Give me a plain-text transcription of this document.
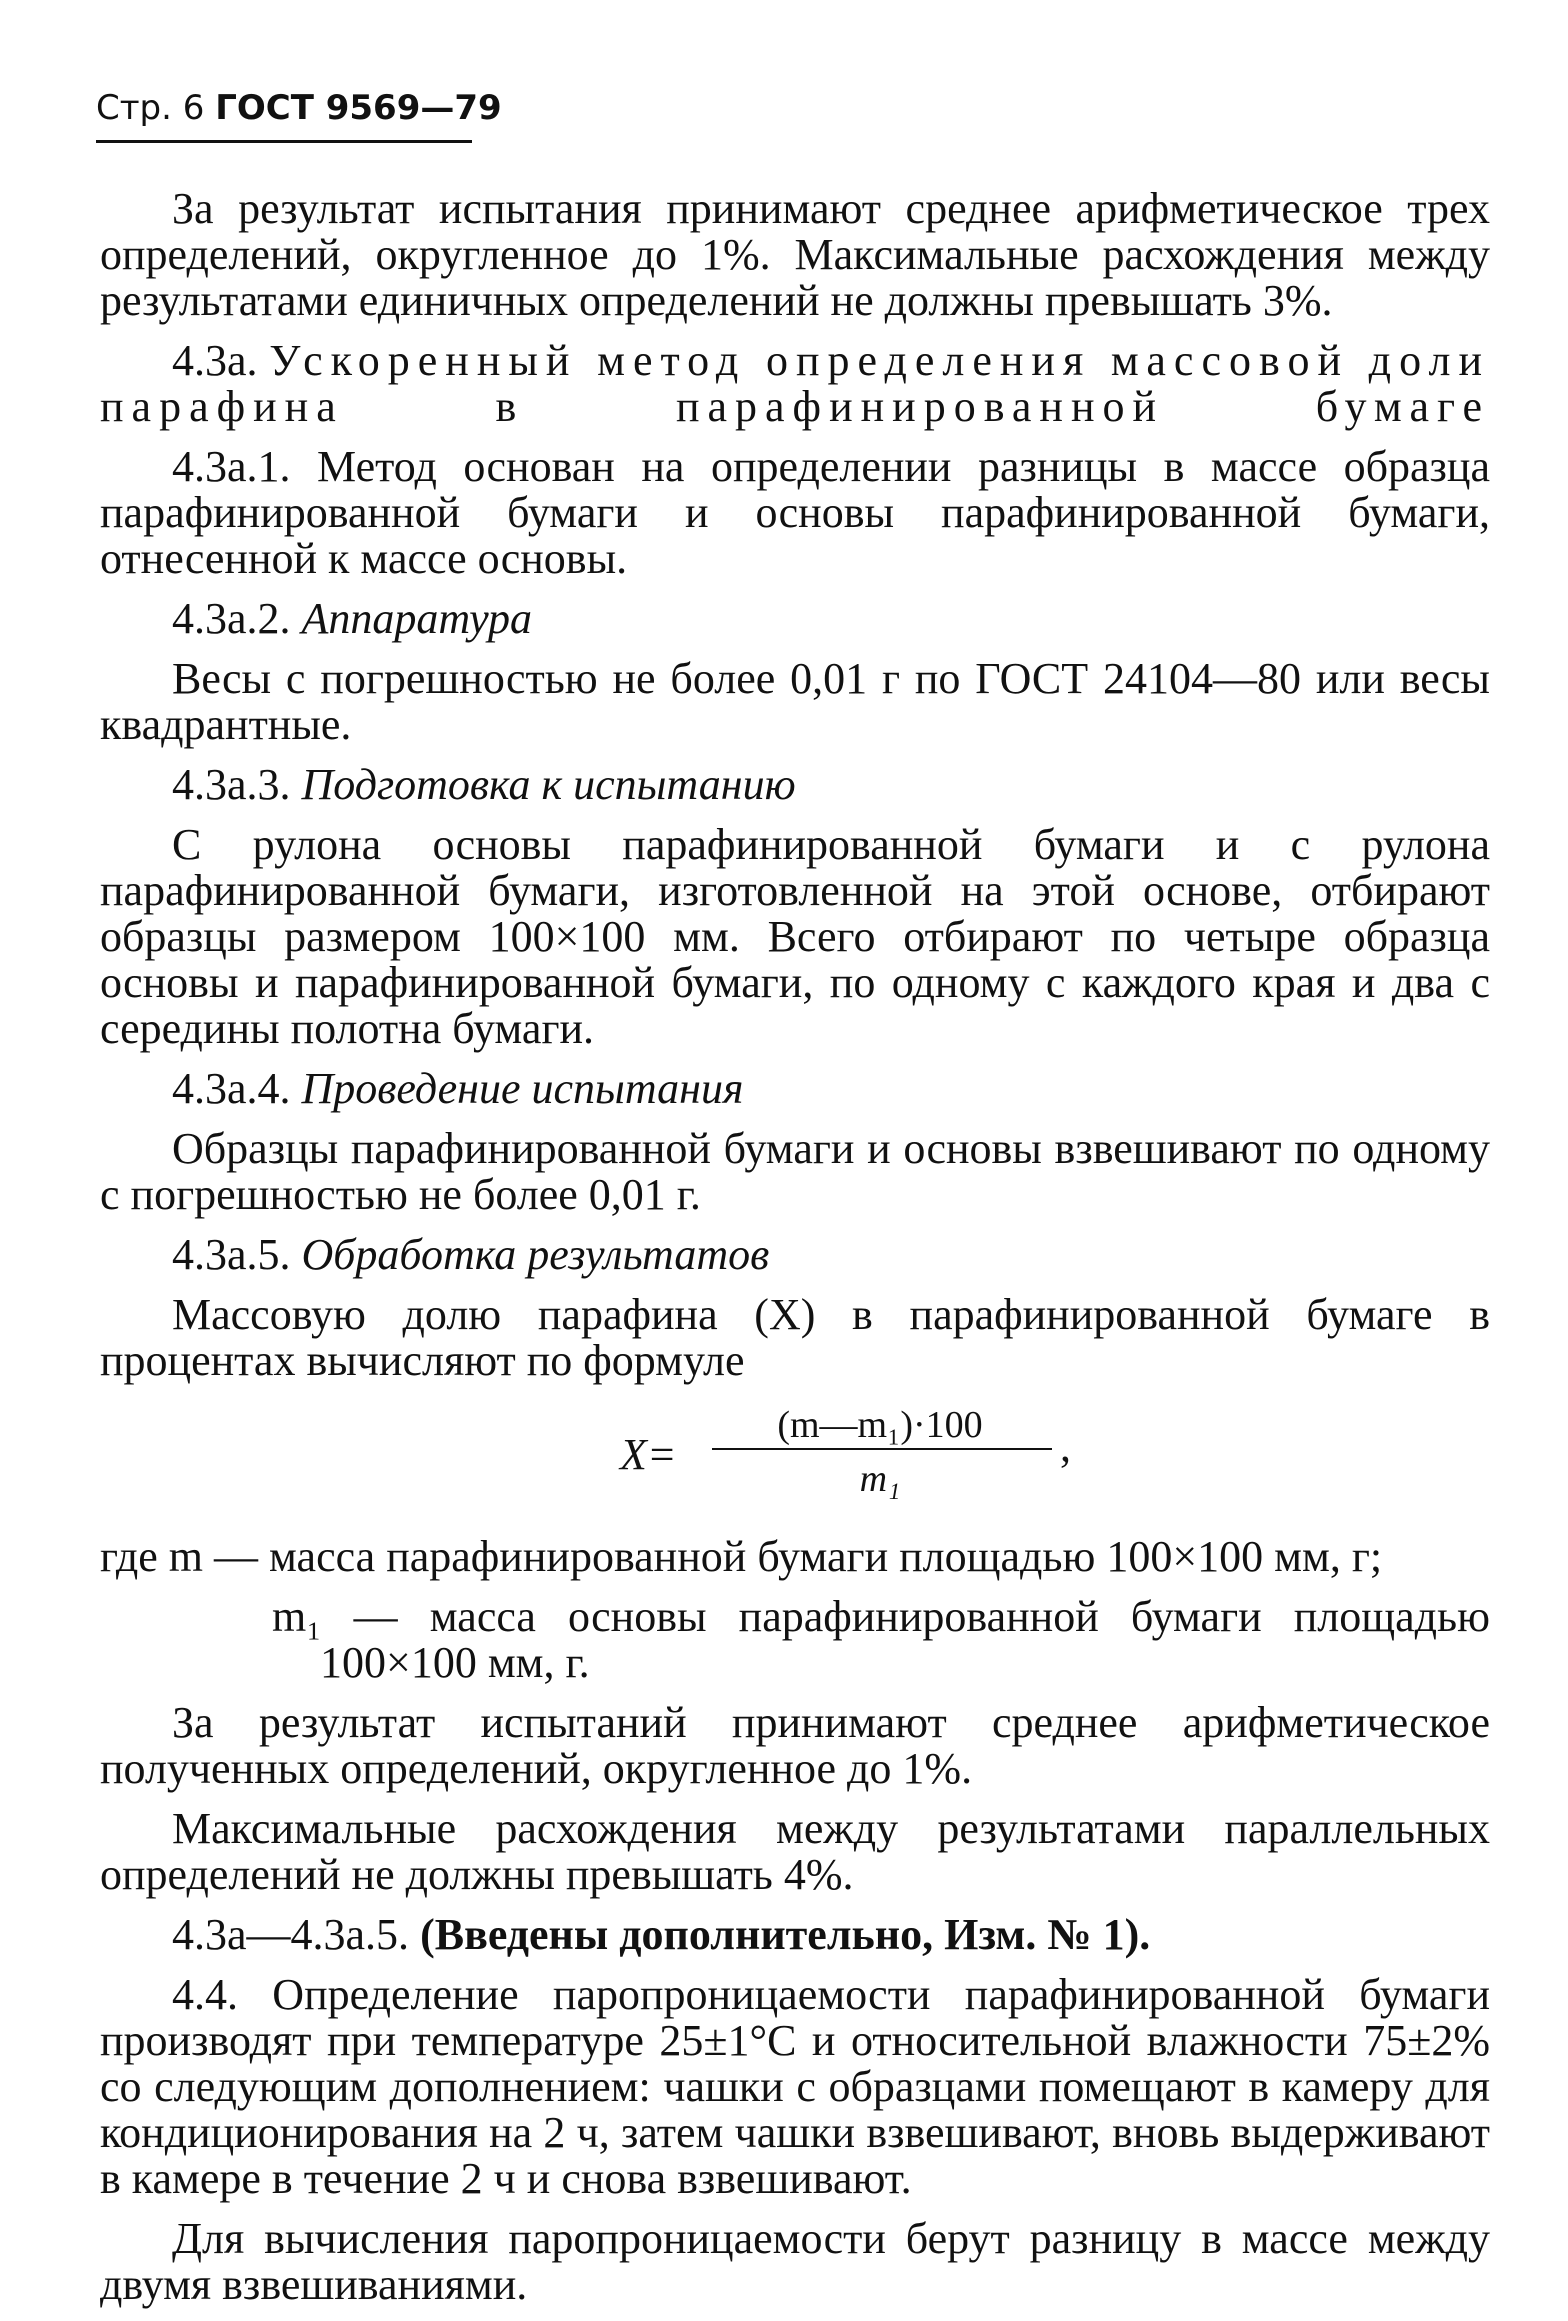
Стр. 6 ГОСТ 9569—79

За результат испытания принимают среднее арифметическое трех определений, округленное до 1%. Максимальные расхождения между результатами единичных определений не должны превышать 3%.

4.3а. Ускоренный метод определения массовой доли парафина в парафинированной бумаге

4.3а.1. Метод основан на определении разницы в массе образца парафинированной бумаги и основы парафинированной бумаги, отнесенной к массе основы.

4.3а.2. Аппаратура

Весы с погрешностью не более 0,01 г по ГОСТ 24104—80 или весы квадрантные.

4.3а.3. Подготовка к испытанию

С рулона основы парафинированной бумаги и с рулона парафинированной бумаги, изготовленной на этой основе, отбирают образцы размером 100×100 мм. Всего отбирают по четыре образца основы и парафинированной бумаги, по одному с каждого края и два с середины полотна бумаги.

4.3а.4. Проведение испытания

Образцы парафинированной бумаги и основы взвешивают по одному с погрешностью не более 0,01 г.

4.3а.5. Обработка результатов

Массовую долю парафина (X) в парафинированной бумаге в процентах вычисляют по формуле

X=
(m—m₁)·100
m₁
,

где m — масса парафинированной бумаги площадью 100×100 мм, г;

m₁ — масса основы парафинированной бумаги площадью 100×100 мм, г.

За результат испытаний принимают среднее арифметическое полученных определений, округленное до 1%.

Максимальные расхождения между результатами параллельных определений не должны превышать 4%.

4.3а—4.3а.5. (Введены дополнительно, Изм. № 1).

4.4. Определение паропроницаемости парафинированной бумаги производят при температуре 25±1°С и относительной влажности 75±2% со следующим дополнением: чашки с образцами помещают в камеру для кондиционирования на 2 ч, затем чашки взвешивают, вновь выдерживают в камере в течение 2 ч и снова взвешивают.

Для вычисления паропроницаемости берут разницу в массе между двумя взвешиваниями.
